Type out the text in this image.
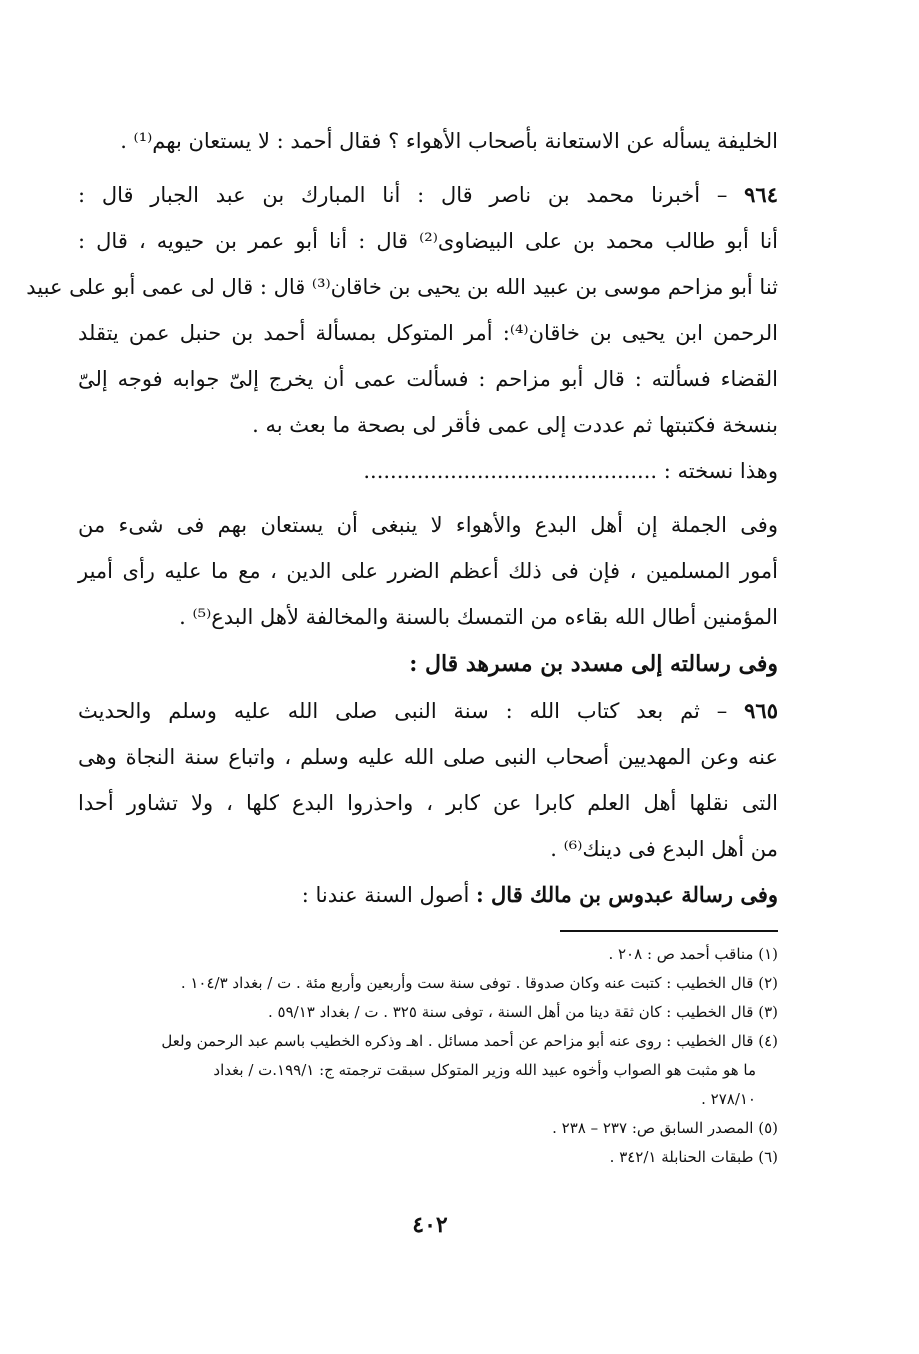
الخليفة يسأله عن الاستعانة بأصحاب الأهواء ؟ فقال أحمد : لا يستعان بهم⁽¹⁾ .
٩٦٤ – أخبرنا محمد بن ناصر قال : أنا المبارك بن عبد الجبار قال :
أنا أبو طالب محمد بن على البيضاوى⁽²⁾ قال : أنا أبو عمر بن حيويه ، قال :
ثنا أبو مزاحم موسى بن عبيد الله بن يحيى بن خاقان⁽³⁾ قال : قال لى عمى أبو على عبيد
الرحمن ابن يحيى بن خاقان⁽⁴⁾: أمر المتوكل بمسألة أحمد بن حنبل عمن يتقلد
القضاء فسألته : قال أبو مزاحم : فسألت عمى أن يخرج إلىّ جوابه فوجه إلىّ
بنسخة فكتبتها ثم عددت إلى عمى فأقر لى بصحة ما بعث به .
وهذا نسخته : ............................................
وفى الجملة إن أهل البدع والأهواء لا ينبغى أن يستعان بهم فى شىء من
أمور المسلمين ، فإن فى ذلك أعظم الضرر على الدين ، مع ما عليه رأى أمير
المؤمنين أطال الله بقاءه من التمسك بالسنة والمخالفة لأهل البدع⁽⁵⁾ .
وفى رسالته إلى مسدد بن مسرهد قال :
٩٦٥ – ثم بعد كتاب الله : سنة النبى صلى الله عليه وسلم والحديث
عنه وعن المهديين أصحاب النبى صلى الله عليه وسلم ، واتباع سنة النجاة وهى
التى نقلها أهل العلم كابرا عن كابر ، واحذروا البدع كلها ، ولا تشاور أحدا
من أهل البدع فى دينك⁽⁶⁾ .
وفى رسالة عبدوس بن مالك قال : أصول السنة عندنا :
(١) مناقب أحمد ص : ٢٠٨ .
(٢) قال الخطيب : كتبت عنه وكان صدوقا . توفى سنة ست وأربعين وأربع مئة . ت / بغداد ١٠٤/٣ .
(٣) قال الخطيب : كان ثقة دينا من أهل السنة ، توفى سنة ٣٢٥ . ت / بغداد ٥٩/١٣ .
(٤) قال الخطيب : روى عنه أبو مزاحم عن أحمد مسائل . اهـ وذكره الخطيب باسم عبد الرحمن ولعل
ما هو مثبت هو الصواب وأخوه عبيد الله وزير المتوكل سبقت ترجمته ج: ١٩٩/١.ت / بغداد
٢٧٨/١٠ .
(٥) المصدر السابق ص: ٢٣٧ – ٢٣٨ .
(٦) طبقات الحنابلة ٣٤٢/١ .
٤٠٢
